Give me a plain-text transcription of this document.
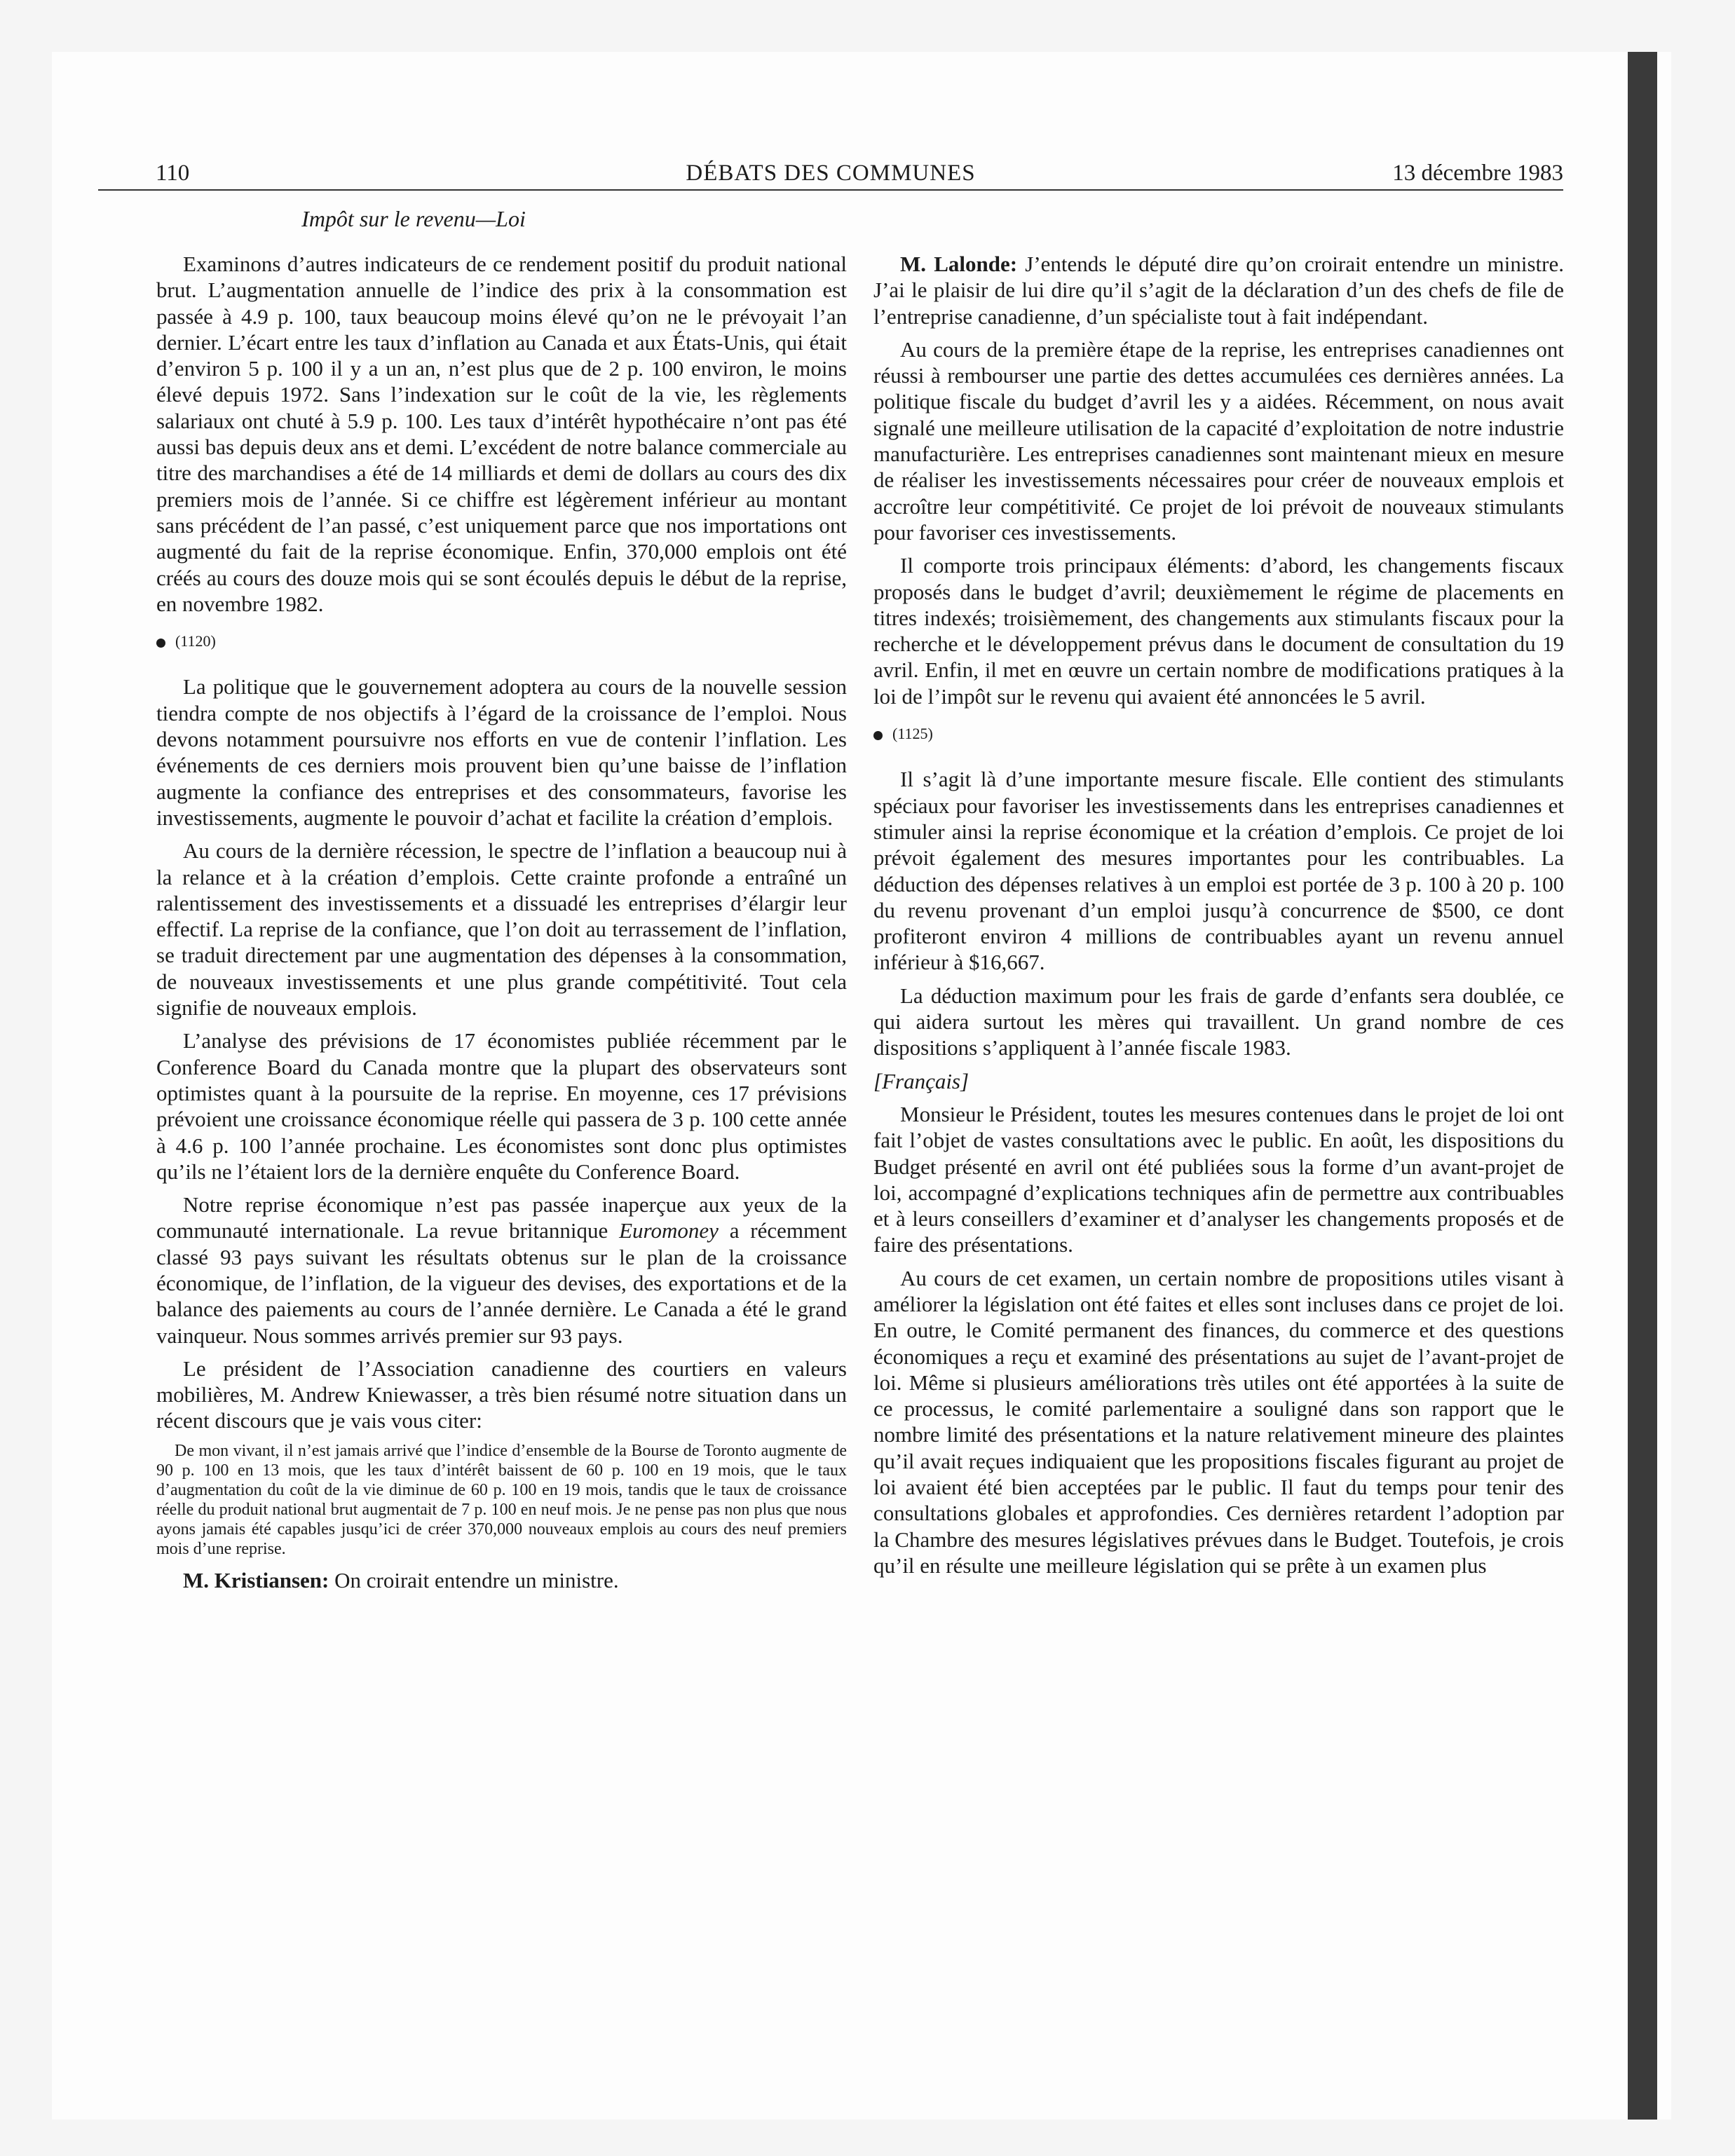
110	DÉBATS DES COMMUNES	13 décembre 1983
Impôt sur le revenu—Loi

Examinons d’autres indicateurs de ce rendement positif du produit national brut. L’augmentation annuelle de l’indice des prix à la consommation est passée à 4.9 p. 100, taux beaucoup moins élevé qu’on ne le prévoyait l’an dernier. L’écart entre les taux d’inflation au Canada et aux États-Unis, qui était d’environ 5 p. 100 il y a un an, n’est plus que de 2 p. 100 environ, le moins élevé depuis 1972. Sans l’indexation sur le coût de la vie, les règlements salariaux ont chuté à 5.9 p. 100. Les taux d’intérêt hypothécaire n’ont pas été aussi bas depuis deux ans et demi. L’excédent de notre balance commerciale au titre des marchandises a été de 14 milliards et demi de dollars au cours des dix premiers mois de l’année. Si ce chiffre est légèrement inférieur au montant sans précédent de l’an passé, c’est uniquement parce que nos importations ont augmenté du fait de la reprise économique. Enfin, 370,000 emplois ont été créés au cours des douze mois qui se sont écoulés depuis le début de la reprise, en novembre 1982.

(1120)

La politique que le gouvernement adoptera au cours de la nouvelle session tiendra compte de nos objectifs à l’égard de la croissance de l’emploi. Nous devons notamment poursuivre nos efforts en vue de contenir l’inflation. Les événements de ces derniers mois prouvent bien qu’une baisse de l’inflation augmente la confiance des entreprises et des consommateurs, favorise les investissements, augmente le pouvoir d’achat et facilite la création d’emplois.

Au cours de la dernière récession, le spectre de l’inflation a beaucoup nui à la relance et à la création d’emplois. Cette crainte profonde a entraîné un ralentissement des investissements et a dissuadé les entreprises d’élargir leur effectif. La reprise de la confiance, que l’on doit au terrassement de l’inflation, se traduit directement par une augmentation des dépenses à la consommation, de nouveaux investissements et une plus grande compétitivité. Tout cela signifie de nouveaux emplois.

L’analyse des prévisions de 17 économistes publiée récemment par le Conference Board du Canada montre que la plupart des observateurs sont optimistes quant à la poursuite de la reprise. En moyenne, ces 17 prévisions prévoient une croissance économique réelle qui passera de 3 p. 100 cette année à 4.6 p. 100 l’année prochaine. Les économistes sont donc plus optimistes qu’ils ne l’étaient lors de la dernière enquête du Conference Board.

Notre reprise économique n’est pas passée inaperçue aux yeux de la communauté internationale. La revue britannique Euromoney a récemment classé 93 pays suivant les résultats obtenus sur le plan de la croissance économique, de l’inflation, de la vigueur des devises, des exportations et de la balance des paiements au cours de l’année dernière. Le Canada a été le grand vainqueur. Nous sommes arrivés premier sur 93 pays.

Le président de l’Association canadienne des courtiers en valeurs mobilières, M. Andrew Kniewasser, a très bien résumé notre situation dans un récent discours que je vais vous citer:

De mon vivant, il n’est jamais arrivé que l’indice d’ensemble de la Bourse de Toronto augmente de 90 p. 100 en 13 mois, que les taux d’intérêt baissent de 60 p. 100 en 19 mois, que le taux d’augmentation du coût de la vie diminue de 60 p. 100 en 19 mois, tandis que le taux de croissance réelle du produit national brut augmentait de 7 p. 100 en neuf mois. Je ne pense pas non plus que nous ayons jamais été capables jusqu’ici de créer 370,000 nouveaux emplois au cours des neuf premiers mois d’une reprise.

M. Kristiansen: On croirait entendre un ministre.

M. Lalonde: J’entends le député dire qu’on croirait entendre un ministre. J’ai le plaisir de lui dire qu’il s’agit de la déclaration d’un des chefs de file de l’entreprise canadienne, d’un spécialiste tout à fait indépendant.

Au cours de la première étape de la reprise, les entreprises canadiennes ont réussi à rembourser une partie des dettes accumulées ces dernières années. La politique fiscale du budget d’avril les y a aidées. Récemment, on nous avait signalé une meilleure utilisation de la capacité d’exploitation de notre industrie manufacturière. Les entreprises canadiennes sont maintenant mieux en mesure de réaliser les investissements nécessaires pour créer de nouveaux emplois et accroître leur compétitivité. Ce projet de loi prévoit de nouveaux stimulants pour favoriser ces investissements.

Il comporte trois principaux éléments: d’abord, les changements fiscaux proposés dans le budget d’avril; deuxièmement le régime de placements en titres indexés; troisièmement, des changements aux stimulants fiscaux pour la recherche et le développement prévus dans le document de consultation du 19 avril. Enfin, il met en œuvre un certain nombre de modifications pratiques à la loi de l’impôt sur le revenu qui avaient été annoncées le 5 avril.

(1125)

Il s’agit là d’une importante mesure fiscale. Elle contient des stimulants spéciaux pour favoriser les investissements dans les entreprises canadiennes et stimuler ainsi la reprise économique et la création d’emplois. Ce projet de loi prévoit également des mesures importantes pour les contribuables. La déduction des dépenses relatives à un emploi est portée de 3 p. 100 à 20 p. 100 du revenu provenant d’un emploi jusqu’à concurrence de $500, ce dont profiteront environ 4 millions de contribuables ayant un revenu annuel inférieur à $16,667.

La déduction maximum pour les frais de garde d’enfants sera doublée, ce qui aidera surtout les mères qui travaillent. Un grand nombre de ces dispositions s’appliquent à l’année fiscale 1983.

[Français]

Monsieur le Président, toutes les mesures contenues dans le projet de loi ont fait l’objet de vastes consultations avec le public. En août, les dispositions du Budget présenté en avril ont été publiées sous la forme d’un avant-projet de loi, accompagné d’explications techniques afin de permettre aux contribuables et à leurs conseillers d’examiner et d’analyser les changements proposés et de faire des présentations.

Au cours de cet examen, un certain nombre de propositions utiles visant à améliorer la législation ont été faites et elles sont incluses dans ce projet de loi. En outre, le Comité permanent des finances, du commerce et des questions économiques a reçu et examiné des présentations au sujet de l’avant-projet de loi. Même si plusieurs améliorations très utiles ont été apportées à la suite de ce processus, le comité parlementaire a souligné dans son rapport que le nombre limité des présentations et la nature relativement mineure des plaintes qu’il avait reçues indiquaient que les propositions fiscales figurant au projet de loi avaient été bien acceptées par le public. Il faut du temps pour tenir des consultations globales et approfondies. Ces dernières retardent l’adoption par la Chambre des mesures législatives prévues dans le Budget. Toutefois, je crois qu’il en résulte une meilleure législation qui se prête à un examen plus
